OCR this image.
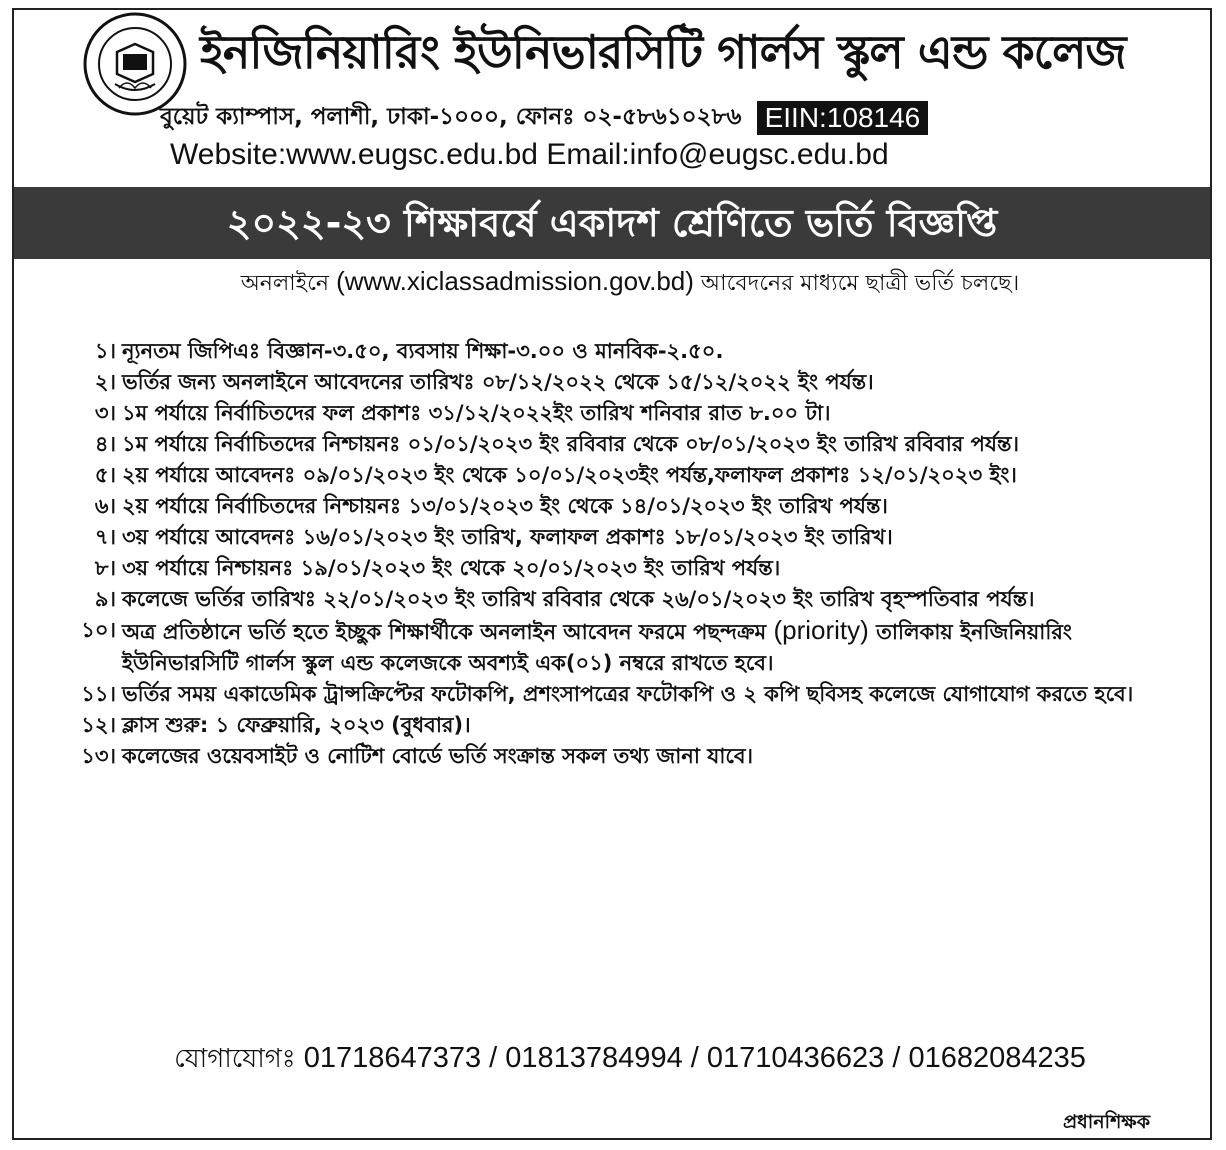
ইনজিনিয়ারিং ইউনিভারসিটি গার্লস স্কুল এন্ড কলেজ
বুয়েট ক্যাম্পাস, পলাশী, ঢাকা-১০০০, ফোনঃ ০২-৫৮৬১০২৮৬ EIIN:108146
Website:www.eugsc.edu.bd Email:info@eugsc.edu.bd
২০২২-২৩ শিক্ষাবর্ষে একাদশ শ্রেণিতে ভর্তি বিজ্ঞপ্তি
অনলাইনে (www.xiclassadmission.gov.bd) আবেদনের মাধ্যমে ছাত্রী ভর্তি চলছে।
১। ন্যূনতম জিপিএঃ বিজ্ঞান-৩.৫০, ব্যবসায় শিক্ষা-৩.০০ ও মানবিক-২.৫০.
২। ভর্তির জন্য অনলাইনে আবেদনের তারিখঃ ০৮/১২/২০২২ থেকে ১৫/১২/২০২২ ইং পর্যন্ত।
৩। ১ম পর্যায়ে নির্বাচিতদের ফল প্রকাশঃ ৩১/১২/২০২২ইং তারিখ শনিবার রাত ৮.০০ টা।
৪। ১ম পর্যায়ে নির্বাচিতদের নিশ্চায়নঃ ০১/০১/২০২৩ ইং রবিবার থেকে ০৮/০১/২০২৩ ইং তারিখ রবিবার পর্যন্ত।
৫। ২য় পর্যায়ে আবেদনঃ ০৯/০১/২০২৩ ইং থেকে ১০/০১/২০২৩ইং পর্যন্ত,ফলাফল প্রকাশঃ ১২/০১/২০২৩ ইং।
৬। ২য় পর্যায়ে নির্বাচিতদের নিশ্চায়নঃ ১৩/০১/২০২৩ ইং থেকে ১৪/০১/২০২৩ ইং তারিখ পর্যন্ত।
৭। ৩য় পর্যায়ে আবেদনঃ ১৬/০১/২০২৩ ইং তারিখ, ফলাফল প্রকাশঃ ১৮/০১/২০২৩ ইং তারিখ।
৮। ৩য় পর্যায়ে নিশ্চায়নঃ ১৯/০১/২০২৩ ইং থেকে ২০/০১/২০২৩ ইং তারিখ পর্যন্ত।
৯। কলেজে ভর্তির তারিখঃ ২২/০১/২০২৩ ইং তারিখ রবিবার থেকে ২৬/০১/২০২৩ ইং তারিখ বৃহস্পতিবার পর্যন্ত।
১০। অত্র প্রতিষ্ঠানে ভর্তি হতে ইচ্ছুক শিক্ষার্থীকে অনলাইন আবেদন ফরমে পছন্দক্রম (priority) তালিকায় ইনজিনিয়ারিং ইউনিভারসিটি গার্লস স্কুল এন্ড কলেজকে অবশ্যই এক(০১) নম্বরে রাখতে হবে।
১১। ভর্তির সময় একাডেমিক ট্রান্সক্রিপ্টের ফটোকপি, প্রশংসাপত্রের ফটোকপি ও ২ কপি ছবিসহ কলেজে যোগাযোগ করতে হবে।
১২। ক্লাস শুরু: ১ ফেব্রুয়ারি, ২০২৩ (বুধবার)।
১৩। কলেজের ওয়েবসাইট ও নোটিশ বোর্ডে ভর্তি সংক্রান্ত সকল তথ্য জানা যাবে।
যোগাযোগঃ 01718647373 / 01813784994 / 01710436623 / 01682084235
প্রধানশিক্ষক
